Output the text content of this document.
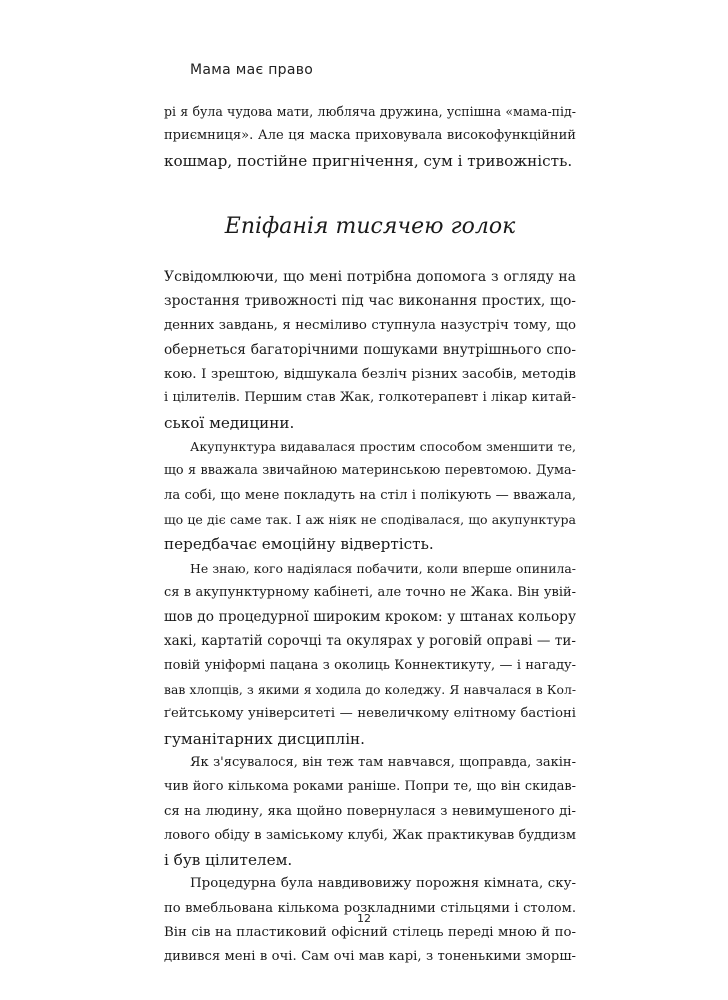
Мама має право
рі я була чудова мати, любляча дружина, успішна «мама-під-
приємниця». Але ця маска приховувала високофункційний
кошмар, постійне пригнічення, сум і тривожність.
Епіфанія тисячею голок
Усвідомлюючи, що мені потрібна допомога з огляду на
зростання тривожності під час виконання простих, що-
денних завдань, я несміливо ступнула назустріч тому, що
обернеться багаторічними пошуками внутрішнього спо-
кою. І зрештою, відшукала безліч різних засобів, методів
і цілителів. Першим став Жак, голкотерапевт і лікар китай-
ської медицини.
Акупунктура видавалася простим способом зменшити те,
що я вважала звичайною материнською перевтомою. Дума-
ла собі, що мене покладуть на стіл і полікують — вважала,
що це діє саме так. І аж ніяк не сподівалася, що акупунктура
передбачає емоційну відвертість.
Не знаю, кого надіялася побачити, коли вперше опинила-
ся в акупунктурному кабінеті, але точно не Жака. Він увій-
шов до процедурної широким кроком: у штанах кольору
хакі, картатій сорочці та окулярах у роговій оправі — ти-
повій уніформі пацана з околиць Коннектикуту, — і нагаду-
вав хлопців, з якими я ходила до коледжу. Я навчалася в Кол-
ґейтському університеті — невеличкому елітному бастіоні
гуманітарних дисциплін.
Як з'ясувалося, він теж там навчався, щоправда, закін-
чив його кількома роками раніше. Попри те, що він скидав-
ся на людину, яка щойно повернулася з невимушеного ді-
лового обіду в заміському клубі, Жак практикував буддизм
і був цілителем.
Процедурна була навдивовижу порожня кімната, ску-
по вмебльована кількома розкладними стільцями і столом.
Він сів на пластиковий офісний стілець переді мною й по-
дивився мені в очі. Сам очі мав карі, з тоненькими зморш-
12
